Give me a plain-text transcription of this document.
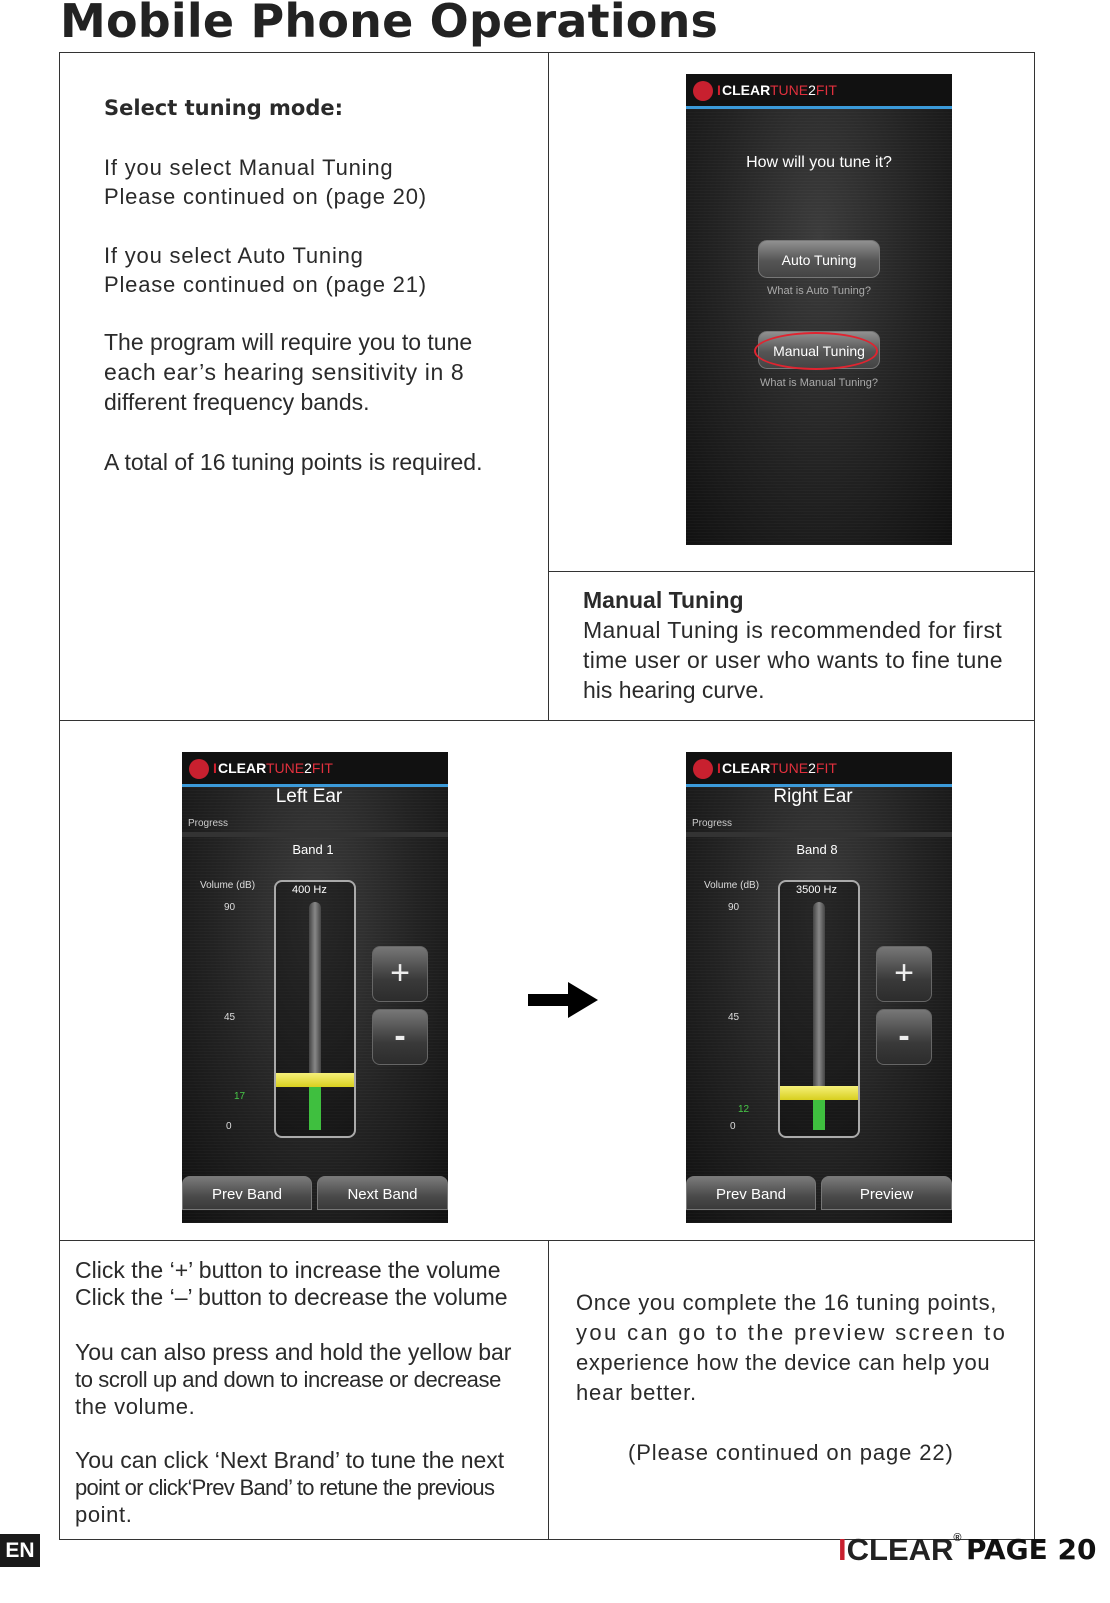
Mobile Phone Operations
Select tuning mode:
If you select Manual Tuning
Please continued on (page 20)
If you select Auto Tuning
Please continued on (page 21)
The program will require you to tune
each ear’s hearing sensitivity in 8
different frequency bands.
A total of 16 tuning points is required.
I CLEAR TUNE2FIT
How will you tune it?
Auto Tuning
What is Auto Tuning?
Manual Tuning
What is Manual Tuning?
Manual Tuning
Manual Tuning is recommended for first
time user or user who wants to fine tune
his hearing curve.
I CLEAR TUNE2FIT
Left Ear
Progress
Band 1
Volume (dB)
90
45
17
0
400 Hz
+
-
Prev Band	Next Band
I CLEAR TUNE2FIT
Right Ear
Progress
Band 8
Volume (dB)
90
45
12
0
3500 Hz
+
-
Prev Band	Preview
Click the ‘+’ button to increase the volume
Click the ‘–’ button to decrease the volume
You can also press and hold the yellow bar
to scroll up and down to increase or decrease
the volume.
You can click ‘Next Brand’ to tune the next
point or click‘Prev Band’ to retune the previous
point.
Once you complete the 16 tuning points,
you can go to the preview screen to
experience how the device can help you
hear better.
(Please continued on page 22)
EN	ICLEAR® PAGE 20
